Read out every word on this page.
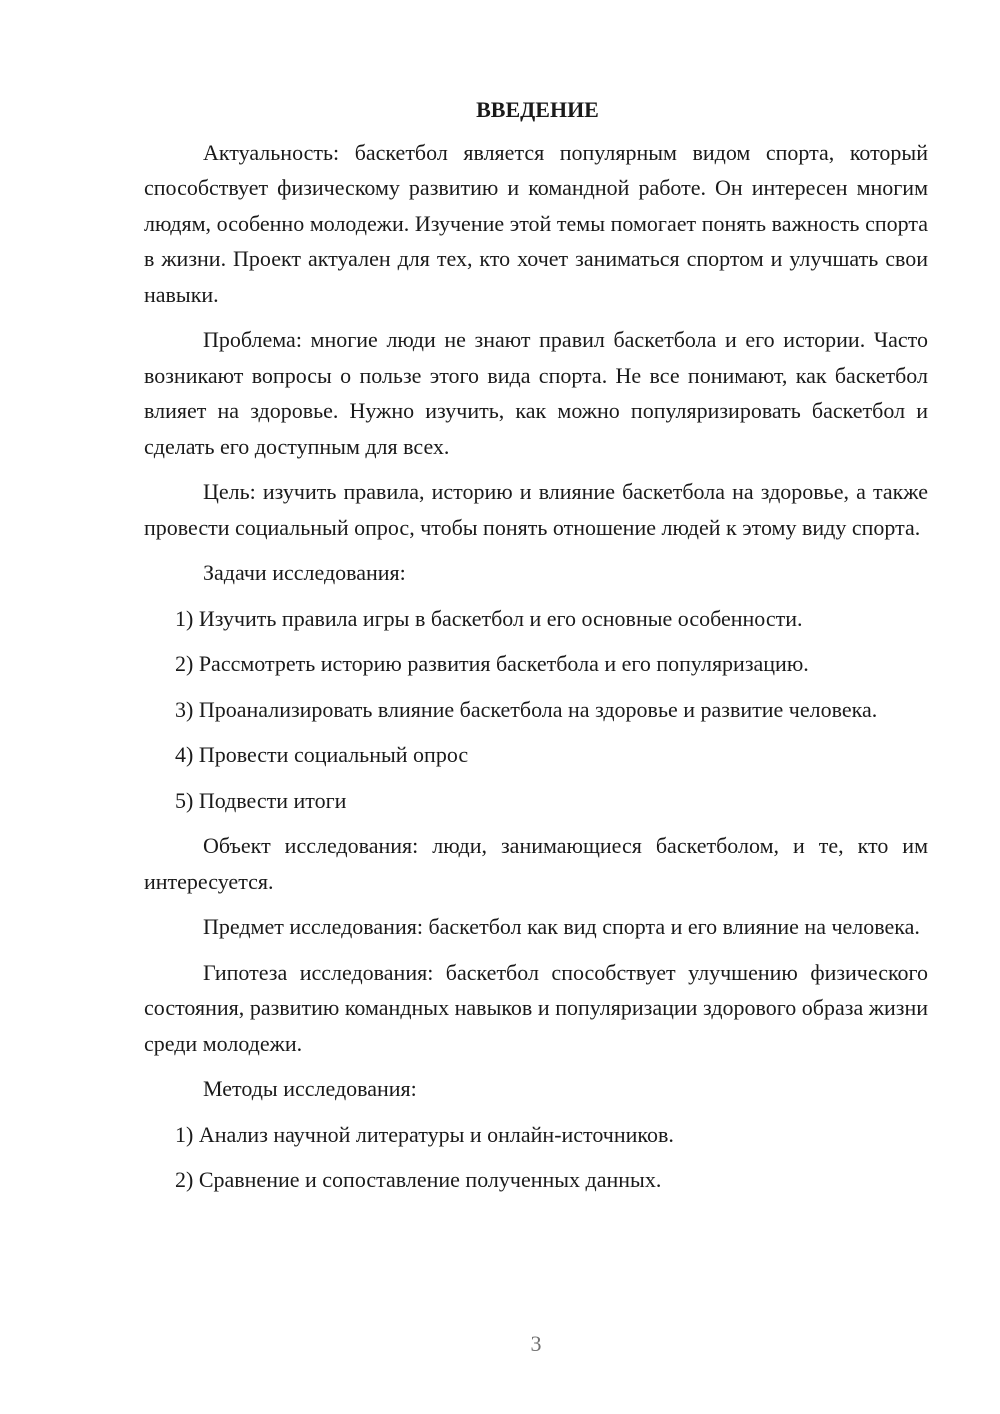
ВВЕДЕНИЕ

Актуальность: баскетбол является популярным видом спорта, который способствует физическому развитию и командной работе. Он интересен многим людям, особенно молодежи. Изучение этой темы помогает понять важность спорта в жизни. Проект актуален для тех, кто хочет заниматься спортом и улучшать свои навыки.

Проблема: многие люди не знают правил баскетбола и его истории. Часто возникают вопросы о пользе этого вида спорта. Не все понимают, как баскетбол влияет на здоровье. Нужно изучить, как можно популяризировать баскетбол и сделать его доступным для всех.

Цель: изучить правила, историю и влияние баскетбола на здоровье, а также провести социальный опрос, чтобы понять отношение людей к этому виду спорта.

Задачи исследования:

1) Изучить правила игры в баскетбол и его основные особенности.

2) Рассмотреть историю развития баскетбола и его популяризацию.

3) Проанализировать влияние баскетбола на здоровье и развитие человека.

4) Провести социальный опрос

5) Подвести итоги

Объект исследования: люди, занимающиеся баскетболом, и те, кто им интересуется.

Предмет исследования: баскетбол как вид спорта и его влияние на человека.

Гипотеза исследования: баскетбол способствует улучшению физического состояния, развитию командных навыков и популяризации здорового образа жизни среди молодежи.

Методы исследования:

1) Анализ научной литературы и онлайн-источников.

2) Сравнение и сопоставление полученных данных.

3
